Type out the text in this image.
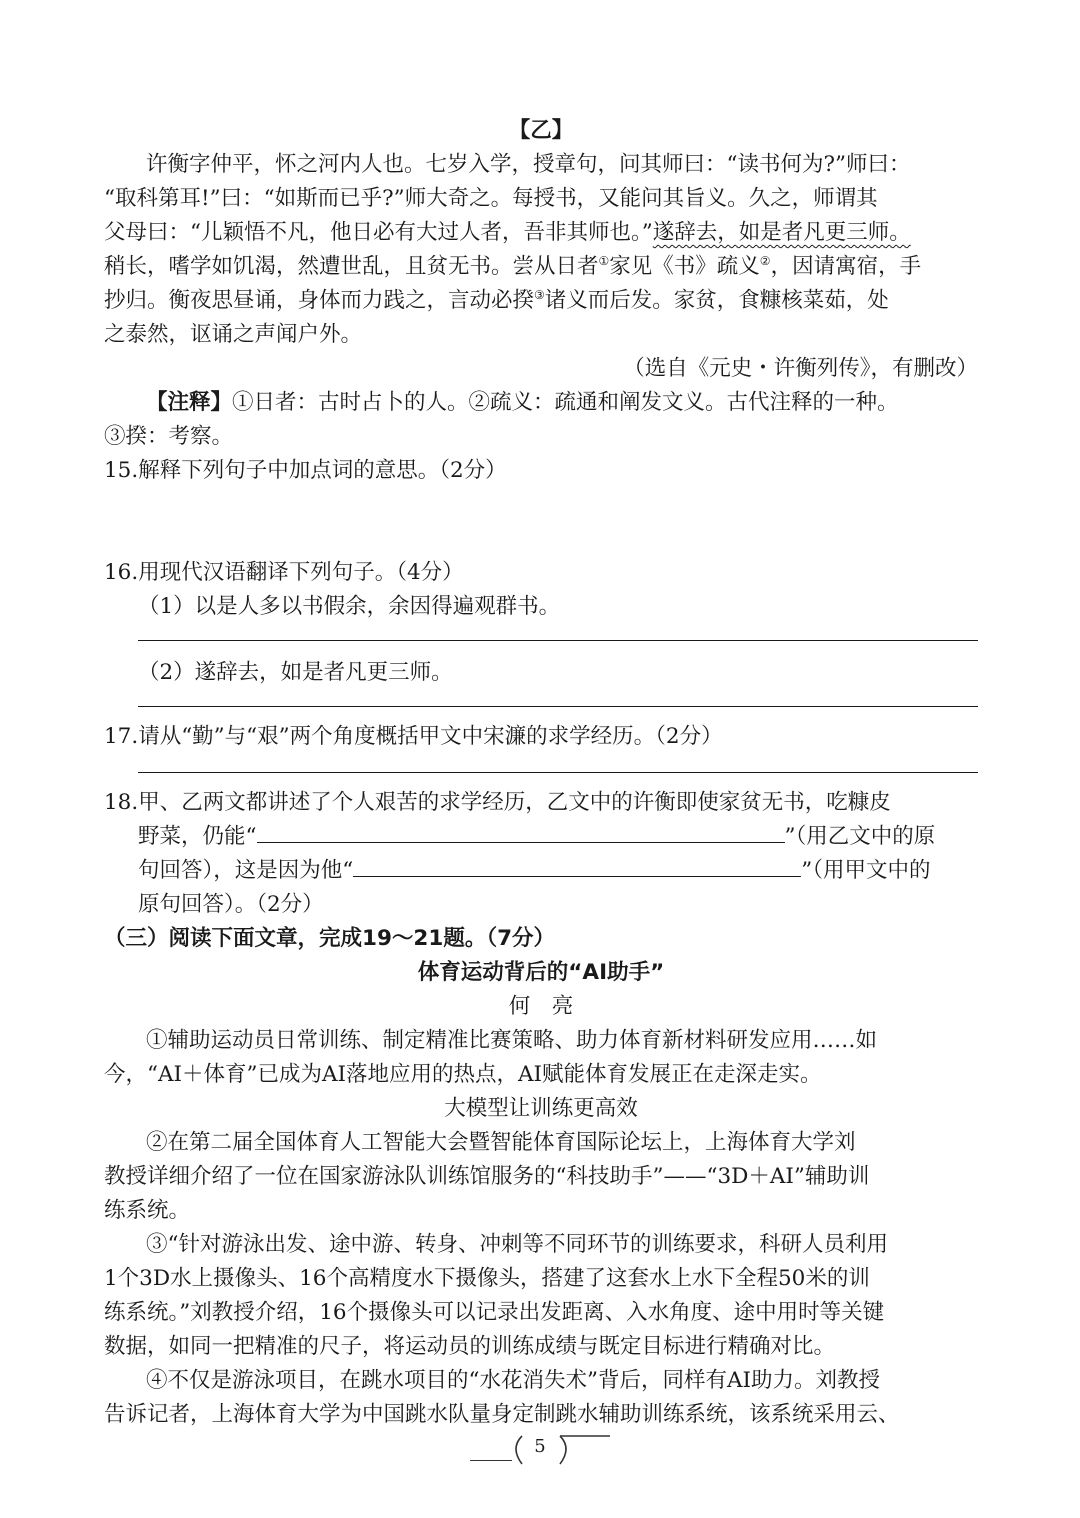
【乙】
许衡字仲平，怀之河内人也。七岁入学，授章句，问其师曰：“读书何为?”师曰：
“取科第耳!”曰：“如斯而已乎?”师大奇之。每授书，又能问其旨义。久之，师谓其
父母曰：“儿颖悟不凡，他日必有大过人者，吾非其师也。”遂辞去，如是者凡更三师。
稍长，嗜学如饥渴，然遭世乱，且贫无书。尝从日者①家见《书》疏义②，因请寓宿，手
抄归。衡夜思昼诵，身体而力践之，言动必揆③诸义而后发。家贫，食糠核菜茹，处
之泰然，讴诵之声闻户外。
（选自《元史・许衡列传》，有删改）
【注释】①日者：古时占卜的人。②疏义：疏通和阐发文义。古代注释的一种。
③揆：考察。
15.解释下列句子中加点词的意思。（2分）
16.用现代汉语翻译下列句子。（4分）
（1）以是人多以书假余，余因得遍观群书。
（2）遂辞去，如是者凡更三师。
17.请从“勤”与“艰”两个角度概括甲文中宋濂的求学经历。（2分）
18.甲、乙两文都讲述了个人艰苦的求学经历，乙文中的许衡即使家贫无书，吃糠皮
野菜，仍能“	”（用乙文中的原
句回答），这是因为他“	”（用甲文中的
原句回答）。（2分）
（三）阅读下面文章，完成19～21题。（7分）
体育运动背后的“AI助手”
何　亮
①辅助运动员日常训练、制定精准比赛策略、助力体育新材料研发应用……如
今，“AI＋体育”已成为AI落地应用的热点，AI赋能体育发展正在走深走实。
大模型让训练更高效
②在第二届全国体育人工智能大会暨智能体育国际论坛上，上海体育大学刘
教授详细介绍了一位在国家游泳队训练馆服务的“科技助手”——“3D＋AI”辅助训
练系统。
③“针对游泳出发、途中游、转身、冲刺等不同环节的训练要求，科研人员利用
1个3D水上摄像头、16个高精度水下摄像头，搭建了这套水上水下全程50米的训
练系统。”刘教授介绍，16个摄像头可以记录出发距离、入水角度、途中用时等关键
数据，如同一把精准的尺子，将运动员的训练成绩与既定目标进行精确对比。
④不仅是游泳项目，在跳水项目的“水花消失术”背后，同样有AI助力。刘教授
告诉记者，上海体育大学为中国跳水队量身定制跳水辅助训练系统，该系统采用云、
5
